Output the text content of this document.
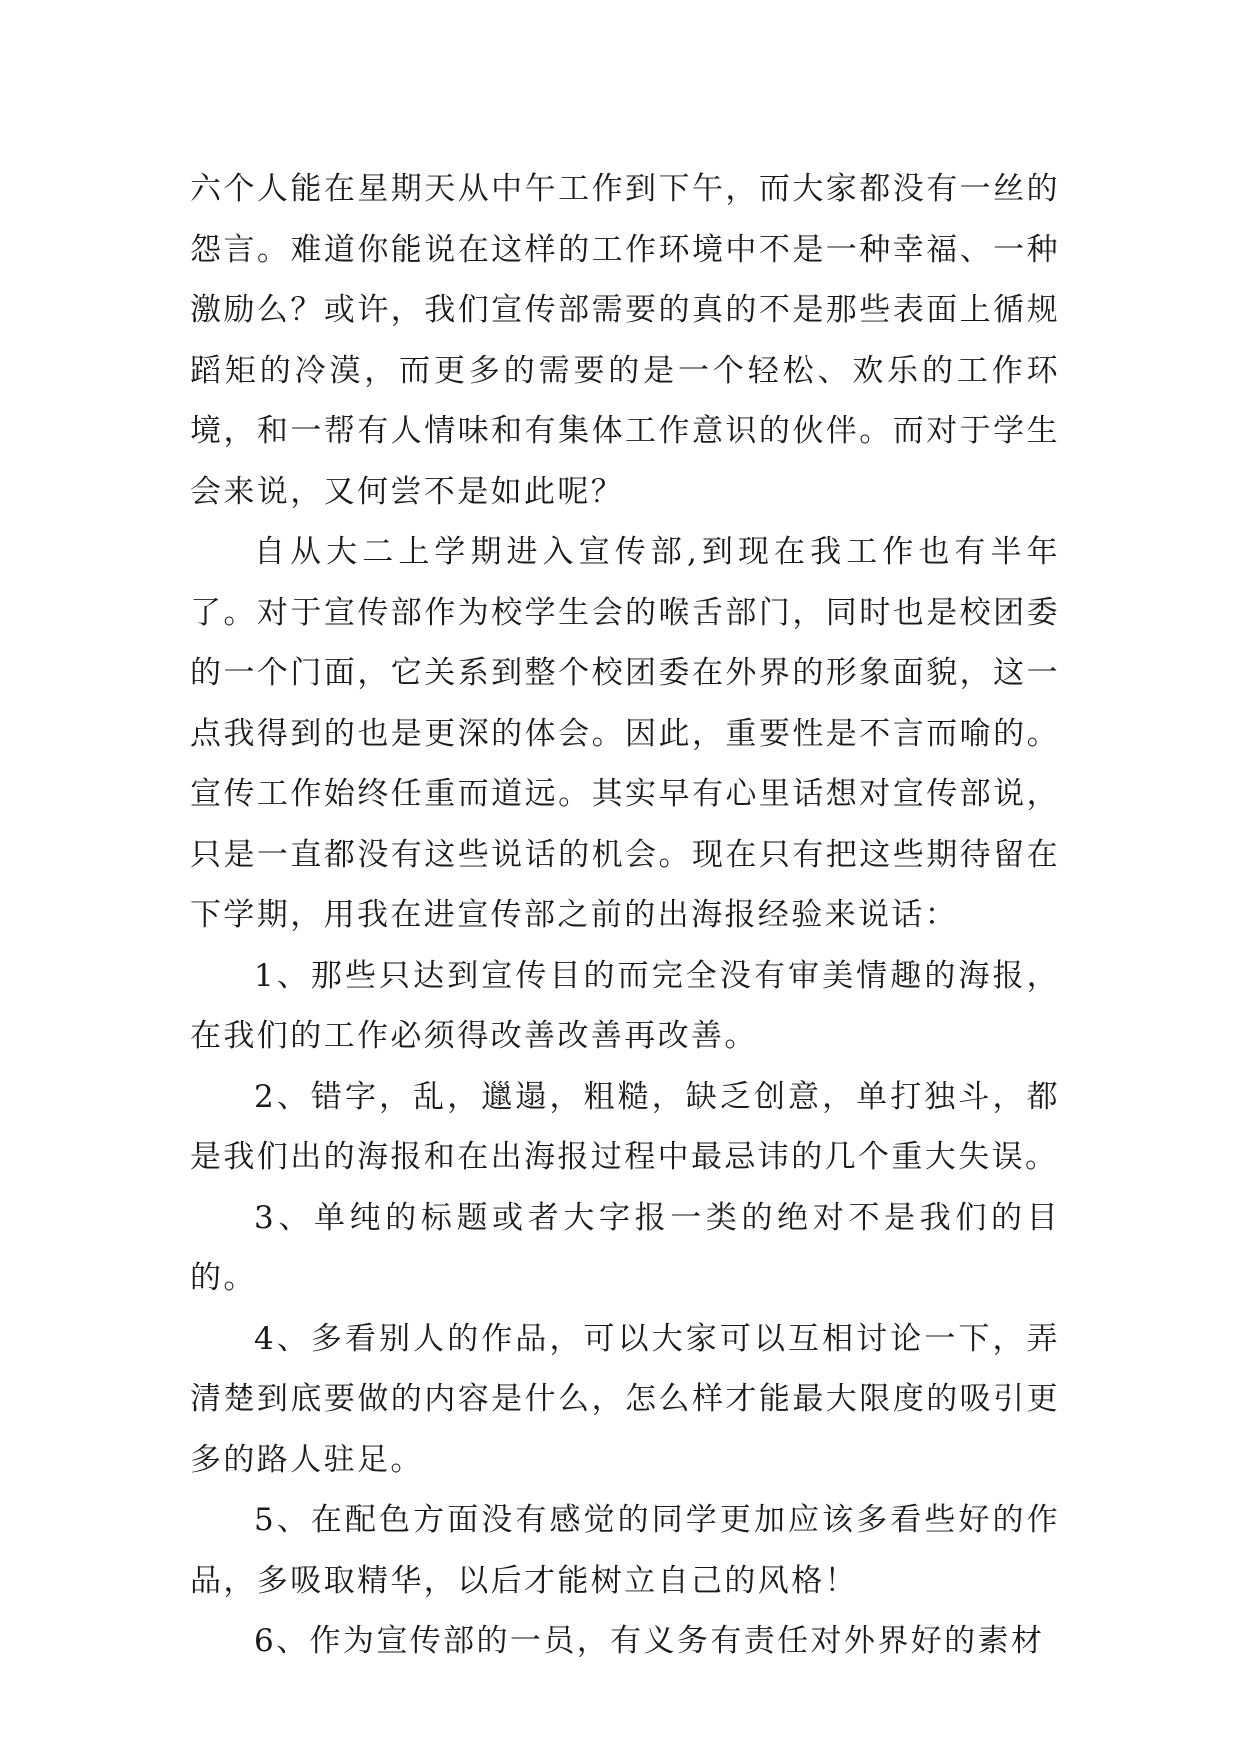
六个人能在星期天从中午工作到下午，而大家都没有一丝的怨言。难道你能说在这样的工作环境中不是一种幸福、一种激励么？或许，我们宣传部需要的真的不是那些表面上循规蹈矩的冷漠，而更多的需要的是一个轻松、欢乐的工作环境，和一帮有人情味和有集体工作意识的伙伴。而对于学生会来说，又何尝不是如此呢？

自从大二上学期进入宣传部,到现在我工作也有半年了。对于宣传部作为校学生会的喉舌部门，同时也是校团委的一个门面，它关系到整个校团委在外界的形象面貌，这一点我得到的也是更深的体会。因此，重要性是不言而喻的。宣传工作始终任重而道远。其实早有心里话想对宣传部说，只是一直都没有这些说话的机会。现在只有把这些期待留在下学期，用我在进宣传部之前的出海报经验来说话：

1、那些只达到宣传目的而完全没有审美情趣的海报，在我们的工作必须得改善改善再改善。

2、错字，乱，邋遢，粗糙，缺乏创意，单打独斗，都是我们出的海报和在出海报过程中最忌讳的几个重大失误。

3、单纯的标题或者大字报一类的绝对不是我们的目的。

4、多看别人的作品，可以大家可以互相讨论一下，弄清楚到底要做的内容是什么，怎么样才能最大限度的吸引更多的路人驻足。

5、在配色方面没有感觉的同学更加应该多看些好的作品，多吸取精华，以后才能树立自己的风格！

6、作为宣传部的一员，有义务有责任对外界好的素材
